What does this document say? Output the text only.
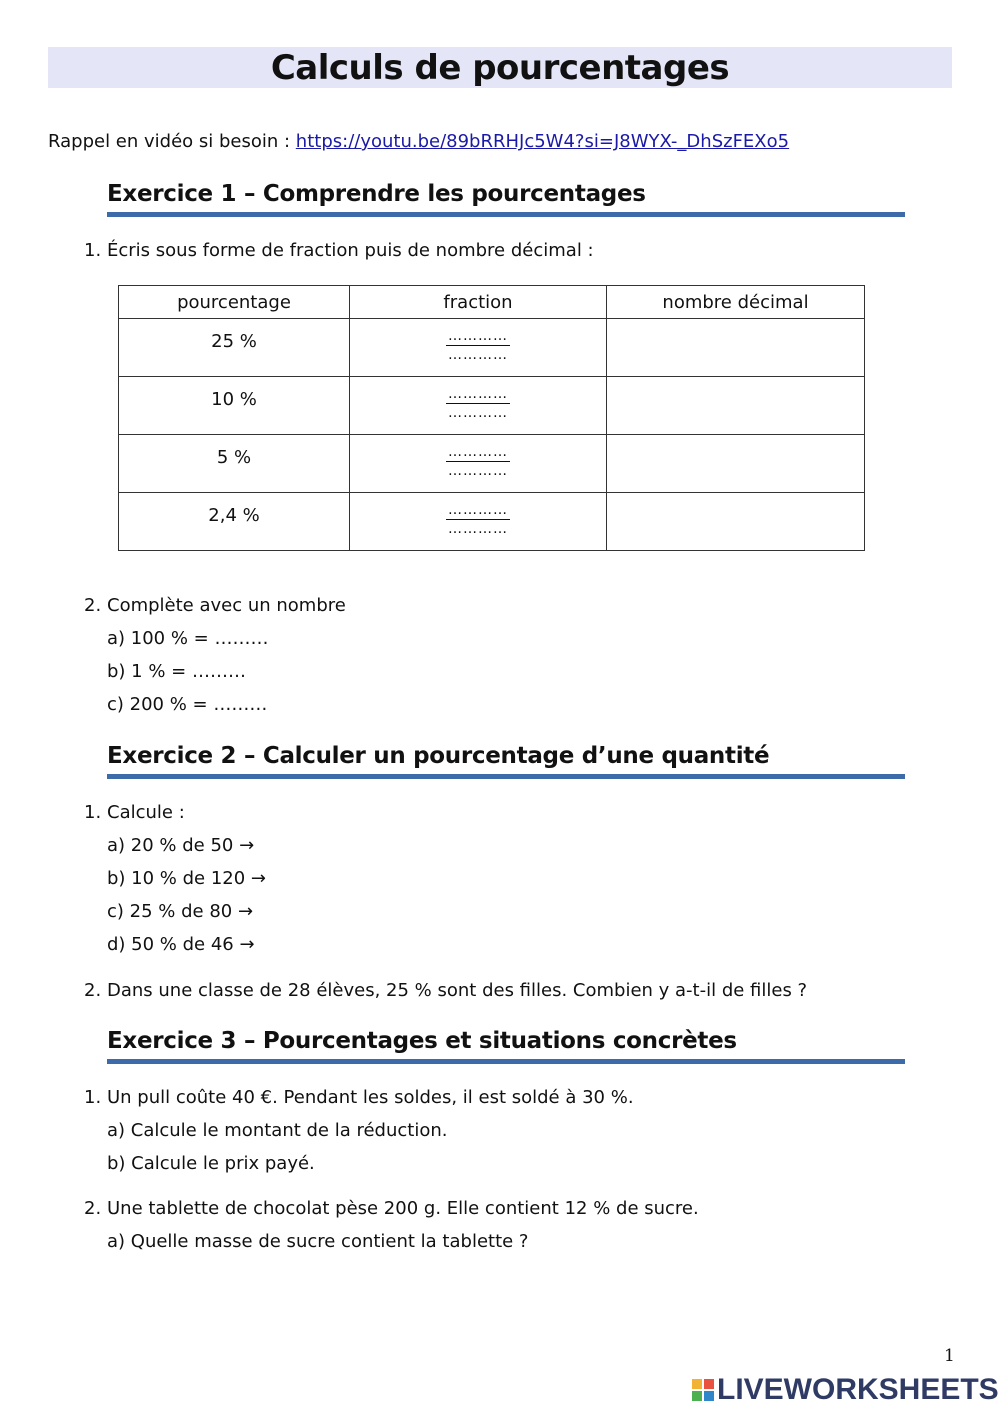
Calculs de pourcentages
Rappel en vidéo si besoin : https://youtu.be/89bRRHJc5W4?si=J8WYX-_DhSzFEXo5
Exercice 1 – Comprendre les pourcentages
1. Écris sous forme de fraction puis de nombre décimal :
pourcentage	fraction	nombre décimal

25 %	$\frac{\dots\dots\dots\dots}{\dots\dots\dots\dots}$

10 %	$\frac{\dots\dots\dots\dots}{\dots\dots\dots\dots}$

5 %	$\frac{\dots\dots\dots\dots}{\dots\dots\dots\dots}$

2,4 %	$\frac{\dots\dots\dots\dots}{\dots\dots\dots\dots}$

2. Complète avec un nombre
a) 100 % = ………
b) 1 % = ………
c) 200 % = ………
Exercice 2 – Calculer un pourcentage d’une quantité
1. Calcule :
a) 20 % de 50 →
b) 10 % de 120 →
c) 25 % de 80 →
d) 50 % de 46 →
2. Dans une classe de 28 élèves, 25 % sont des filles. Combien y a-t-il de filles ?
Exercice 3 – Pourcentages et situations concrètes
1. Un pull coûte 40 €. Pendant les soldes, il est soldé à 30 %.
a) Calcule le montant de la réduction.
b) Calcule le prix payé.
2. Une tablette de chocolat pèse 200 g. Elle contient 12 % de sucre.
a) Quelle masse de sucre contient la tablette ?
1
LIVEWORKSHEETS
